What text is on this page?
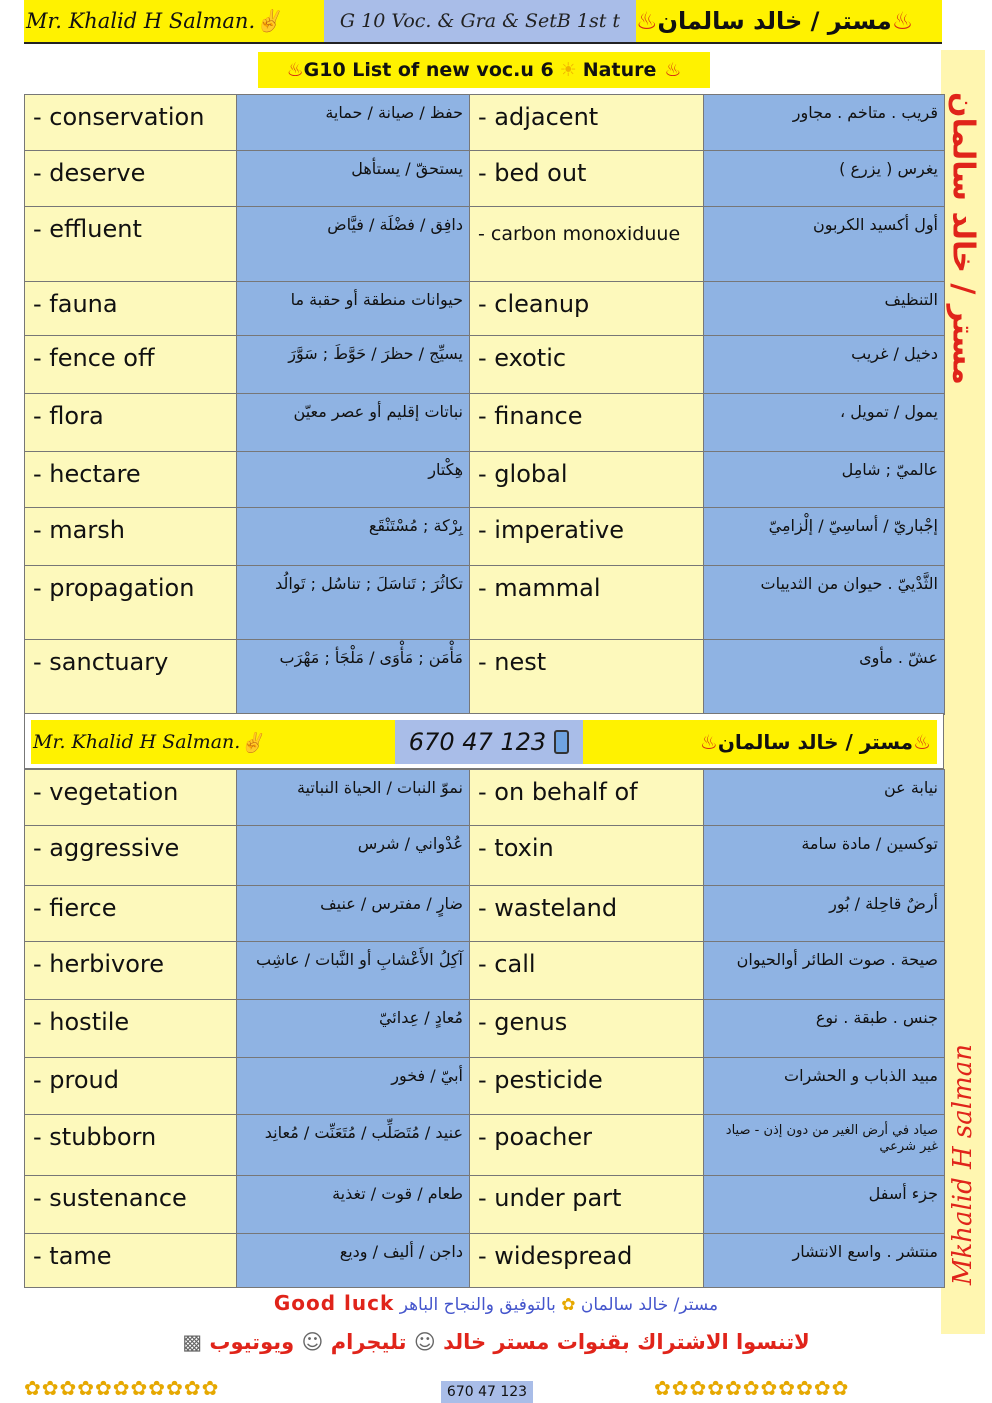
Mr. Khalid H Salman. ✌	G 10 Voc. & Gra & SetB 1st t	♨
مستر / خالد سالمان
♨
♨ G10 List of new voc.u 6 ☀ Nature ♨
مستر / خالد سالمان
Mkhalid H salman
- conservation	حفظ / صيانة / حماية	- adjacent	قريب . متاخم . مجاور
- deserve	يستحقّ / يستأهل	- bed out	يغرس ( يزرع )
- effluent	دافِق / فضْلَة / فيَّاض	- carbon monoxiduue	أول أكسيد الكربون
- fauna	حيوانات منطقة أو حقبة ما	- cleanup	التنظيف
- fence off	يسيِّج / حظرَ / حَوَّطَ ; سَوَّرَ	- exotic	دخيل / غريب
- flora	نباتات إقليم أو عصر معيّن	- finance	يمول / تمويل ،
- hectare	هِكْتار	- global	عالميّ ; شامِل
- marsh	بِرْكة ; مُسْتَنْقَع	- imperative	إجْباريّ / أساسِيّ / إلْزامِيّ
- propagation	تكاثُرَ ; تَناسَلَ ; تناسُل ; تَوالُد	- mammal	الثَّدْييّ . حيوان من الثدييات
- sanctuary	مَأْمَن ; مَأْوَى / مَلْجَأ ; مَهْرَب	- nest	عشّ . مأوى
Mr. Khalid H Salman. ✌	670 47 123	♨ مستر / خالد سالمان ♨
- vegetation	نموّ النبات / الحياة النباتية	- on behalf of	نيابة عن
- aggressive	عُدْواني / شرس	- toxin	توكسين / مادة سامة
- fierce	ضارٍ / مفترس / عنيف	- wasteland	أرضٌ قاحِلة / بُور
- herbivore	آكِلُ الأَعْشابِ أو النَّبات / عاشِب	- call	صيحة . صوت الطائر أوالحيوان
- hostile	مُعادٍ / عِدائيّ	- genus	جنس . طبقة . نوع
- proud	أبيّ / فخور	- pesticide	مبيد الذباب و الحشرات
- stubborn	عنيد / مُتَصَلِّب / مُتَعَنِّت / مُعانِد	- poacher	صياد في أرض الغير من دون إذن - صياد غير شرعي
- sustenance	طعام / قوت / تغذية	- under part	جزء أسفل
- tame	داجن / أليف / وديع	- widespread	منتشر . واسع الانتشار
Good luck	مستر/ خالد سالمان ✿ بالتوفيق والنجاح الباهر
لاتنسوا الاشتراك بقنوات مستر خالد ☺ تليجرام ☺ ويوتيوب ▩
✿✿✿✿✿✿✿✿✿✿✿	670 47 123	✿✿✿✿✿✿✿✿✿✿✿
